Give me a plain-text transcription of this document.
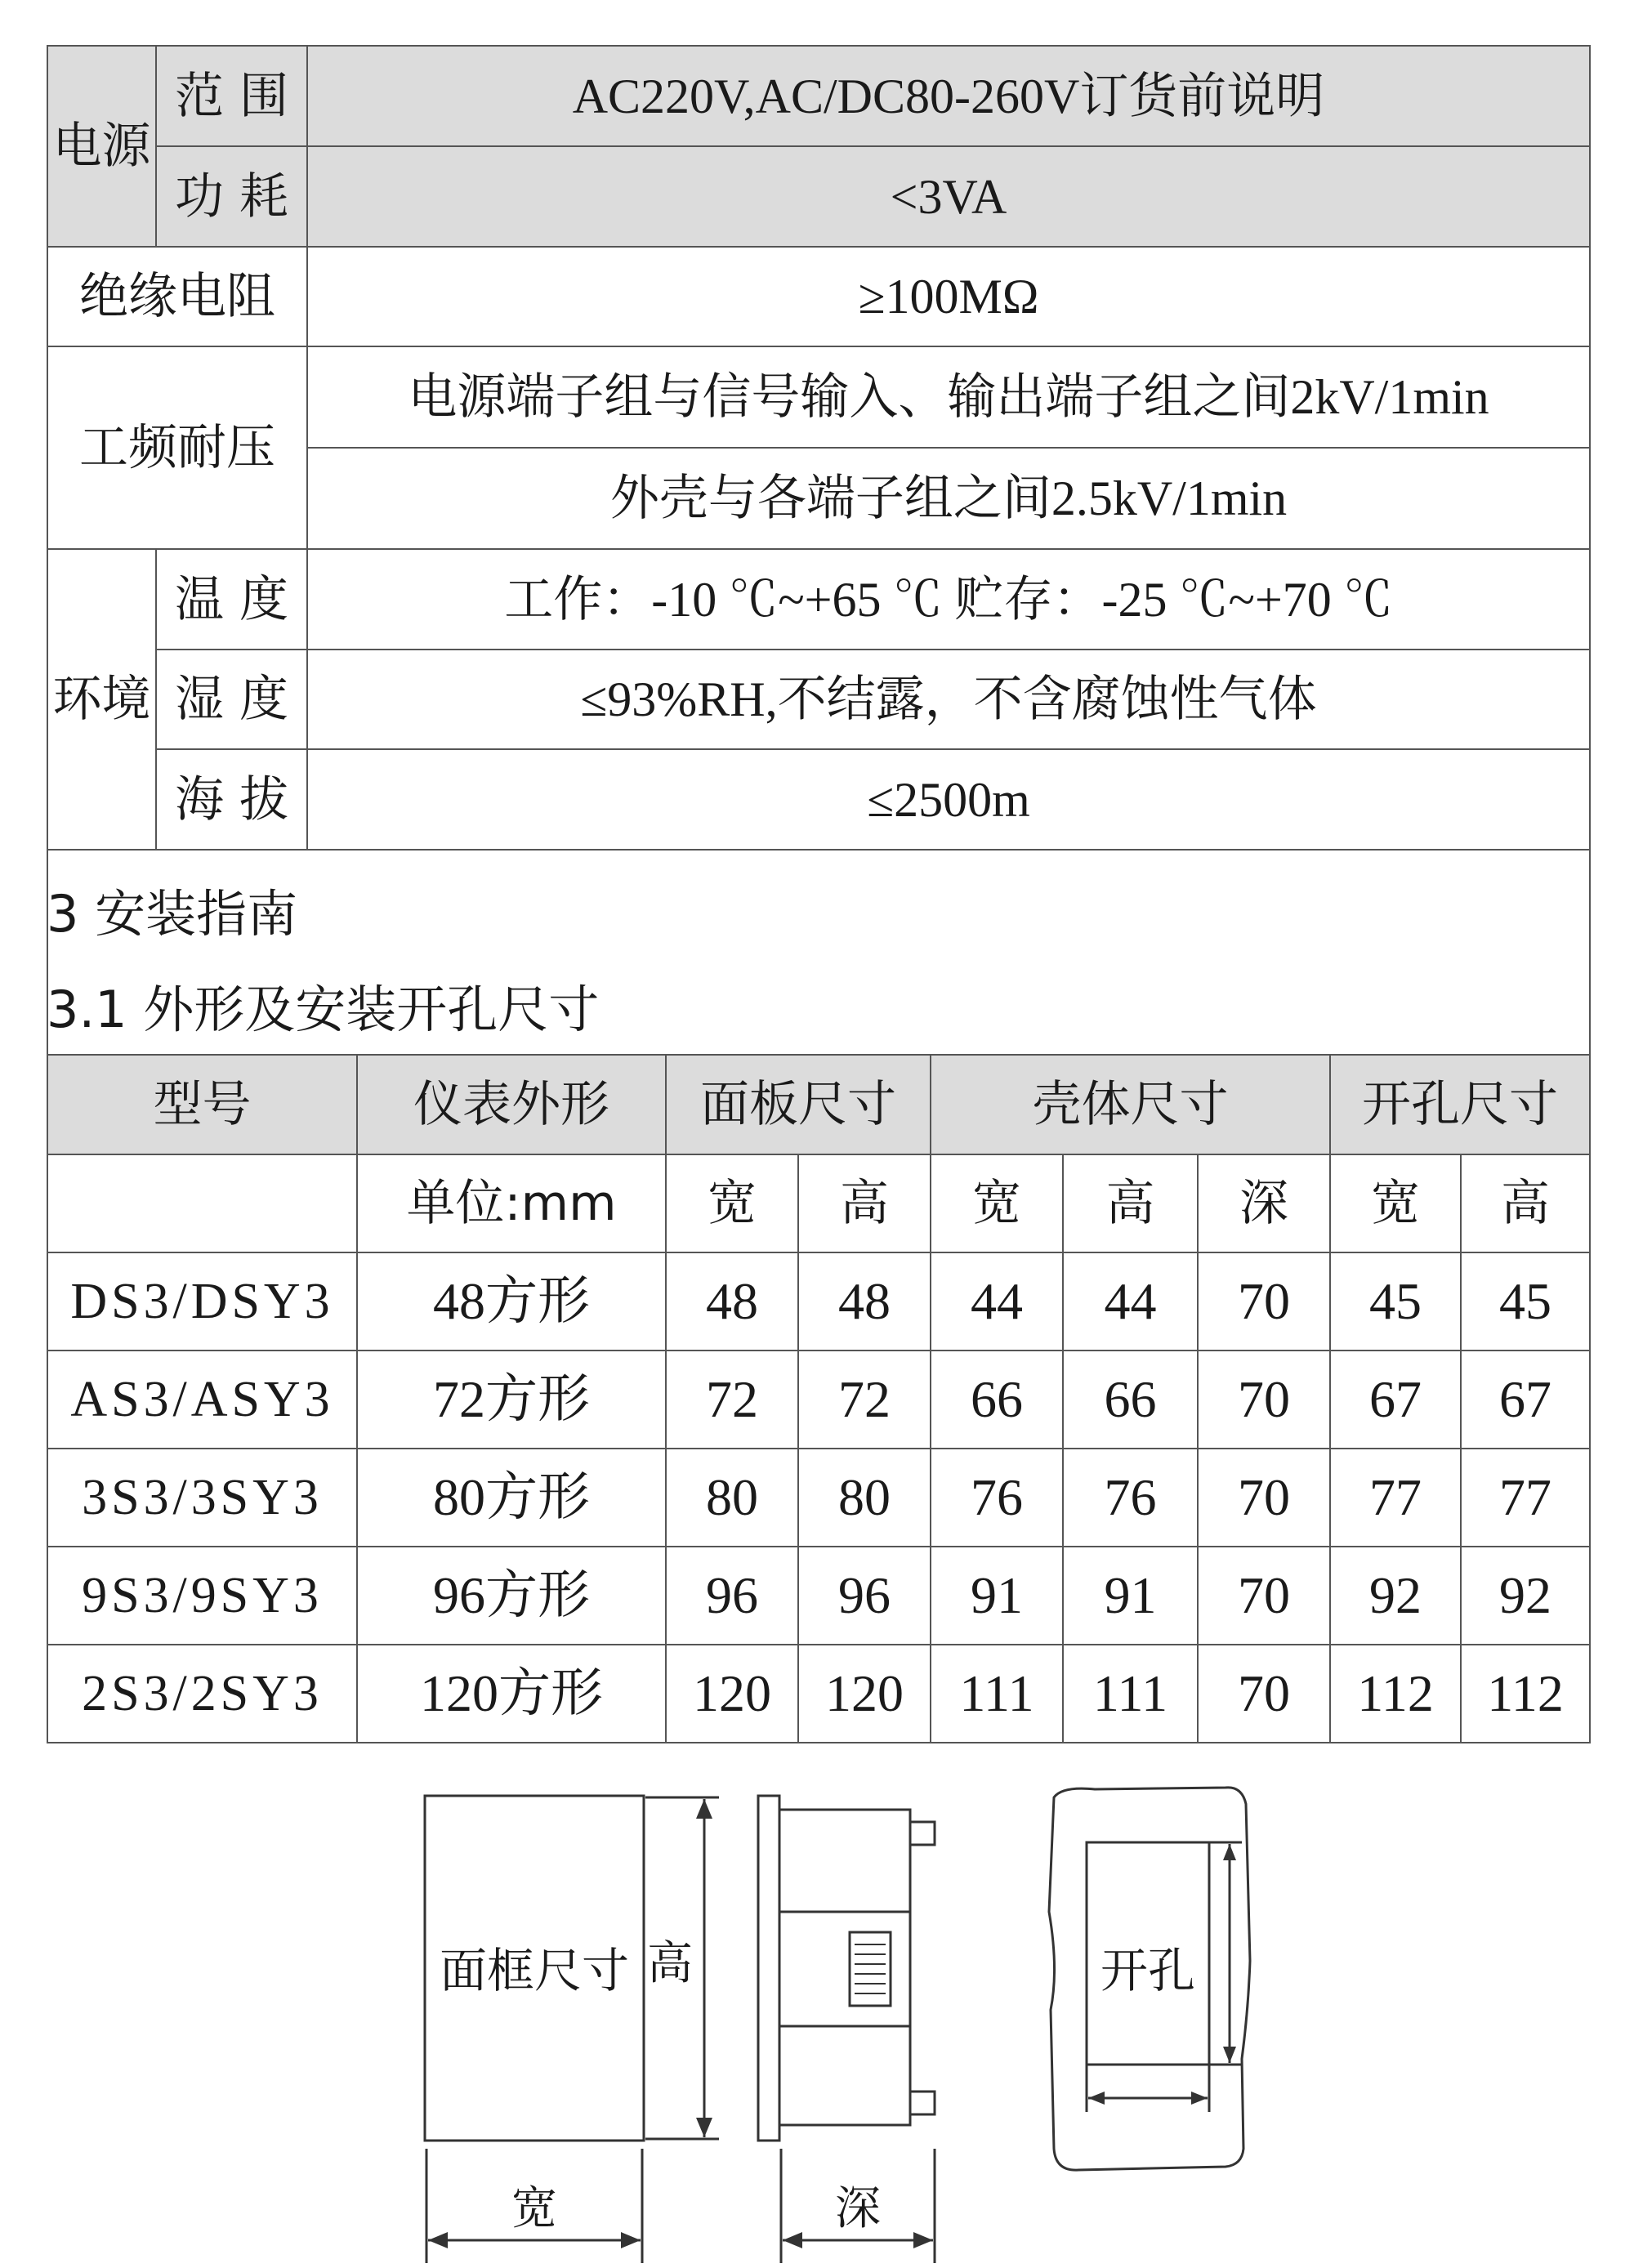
电源	范 围	AC220V,AC/DC80-260V订货前说明
	功 耗	<3VA
绝缘电阻		≥100MΩ
工频耐压		电源端子组与信号输入、输出端子组之间2kV/1min
		外壳与各端子组之间2.5kV/1min
环境	温 度	工作：-10 ℃~+65 ℃ 贮存：-25 ℃~+70 ℃
	湿 度	≤93%RH,不结露，不含腐蚀性气体
	海 拔	≤2500m
3 安装指南
3.1 外形及安装开孔尺寸
型号	仪表外形	面板尺寸		壳体尺寸			开孔尺寸	
	单位:mm	宽	高	宽	高	深	宽	高
DS3/DSY3	48方形	48	48	44	44	70	45	45
AS3/ASY3	72方形	72	72	66	66	70	67	67
3S3/3SY3	80方形	80	80	76	76	70	77	77
9S3/9SY3	96方形	96	96	91	91	70	92	92
2S3/2SY3	120方形	120	120	111	111	70	112	112
面框尺寸 高
宽	深
开孔
